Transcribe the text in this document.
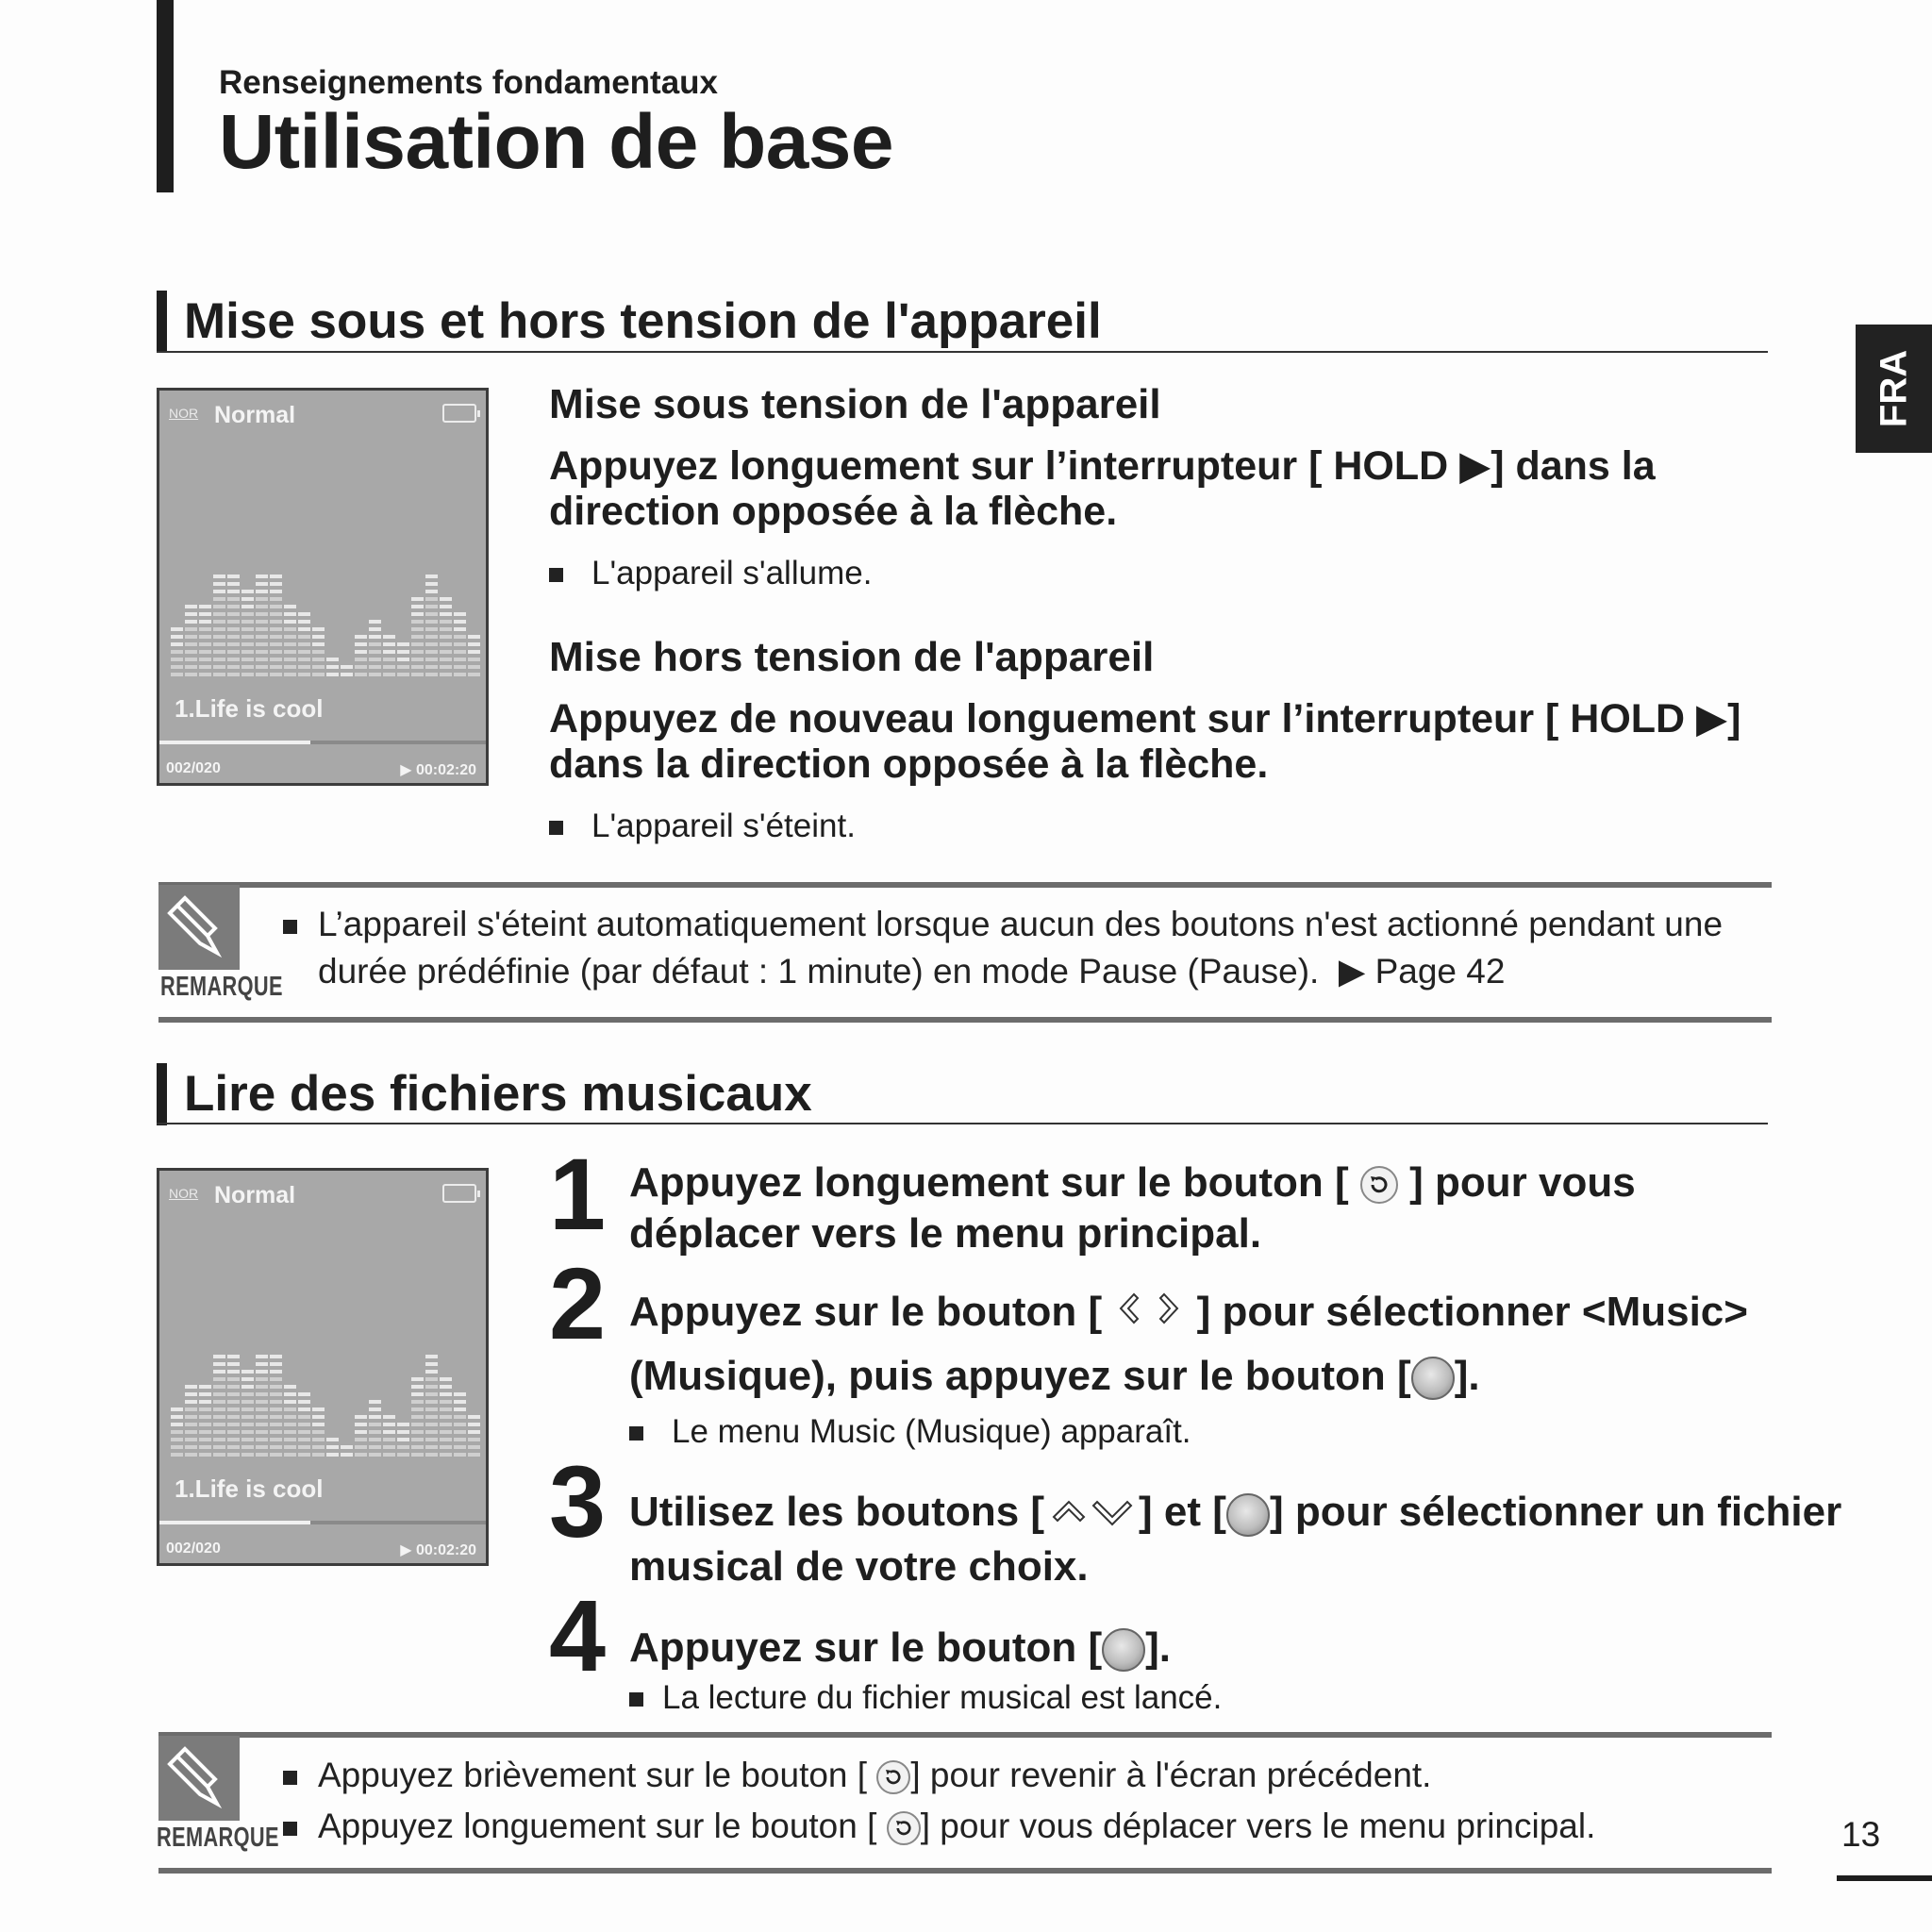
Renseignements fondamentaux
Utilisation de base
FRA
Mise sous et hors tension de l'appareil
NOR Normal
1.Life is cool
002/020	▶ 00:02:20
Mise sous tension de l'appareil
Appuyez longuement sur l’interrupteur [ HOLD ▶] dans la
direction opposée à la flèche.
L'appareil s'allume.
Mise hors tension de l'appareil
Appuyez de nouveau longuement sur l’interrupteur [ HOLD ▶]
dans la direction opposée à la flèche.
L'appareil s'éteint.
REMARQUE
L’appareil s'éteint automatiquement lorsque aucun des boutons n'est actionné pendant une
durée prédéfinie (par défaut : 1 minute) en mode Pause (Pause). ▶ Page 42
Lire des fichiers musicaux
NOR Normal
1.Life is cool
002/020	▶ 00:02:20
1 Appuyez longuement sur le bouton [ ] pour vous
déplacer vers le menu principal.
2 Appuyez sur le bouton [ ] pour sélectionner <Music>
(Musique), puis appuyez sur le bouton [ ].
Le menu Music (Musique) apparaît.
3 Utilisez les boutons [ ] et [ ] pour sélectionner un fichier
musical de votre choix.
4 Appuyez sur le bouton [ ].
La lecture du fichier musical est lancé.
REMARQUE
Appuyez brièvement sur le bouton [ ] pour revenir à l'écran précédent.
Appuyez longuement sur le bouton [ ] pour vous déplacer vers le menu principal.	13
